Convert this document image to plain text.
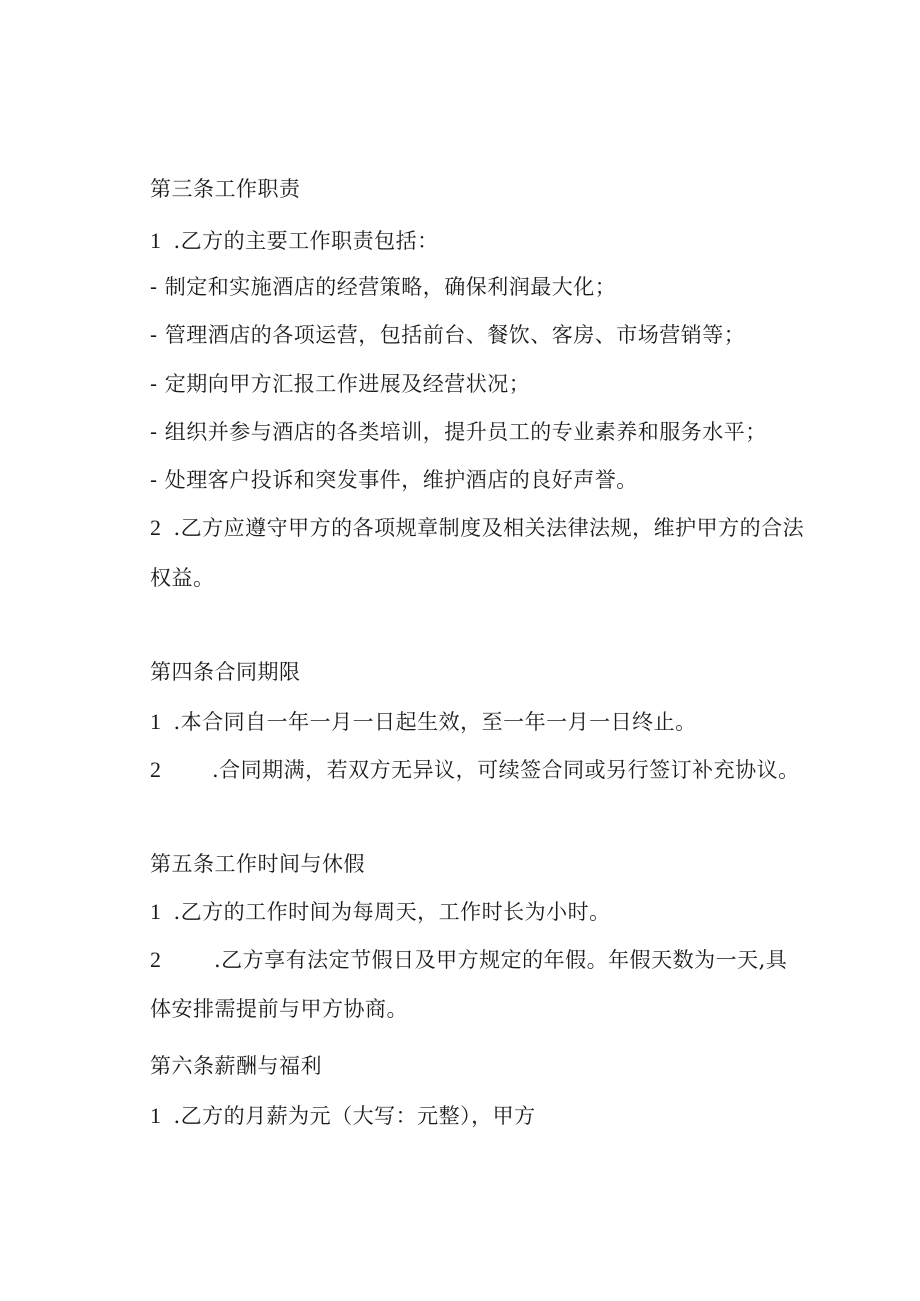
第三条工作职责
1 .乙方的主要工作职责包括：
- 制定和实施酒店的经营策略，确保利润最大化；
- 管理酒店的各项运营，包括前台、餐饮、客房、市场营销等；
- 定期向甲方汇报工作进展及经营状况；
- 组织并参与酒店的各类培训，提升员工的专业素养和服务水平；
- 处理客户投诉和突发事件，维护酒店的良好声誉。
2 .乙方应遵守甲方的各项规章制度及相关法律法规，维护甲方的合法
权益。
第四条合同期限
1 .本合同自一年一月一日起生效，至一年一月一日终止。
2 .合同期满，若双方无异议，可续签合同或另行签订补充协议。
第五条工作时间与休假
1 .乙方的工作时间为每周天，工作时长为小时。
2	.乙方享有法定节假日及甲方规定的年假。年假天数为一天,具
体安排需提前与甲方协商。
第六条薪酬与福利
1 .乙方的月薪为元（大写：元整），甲方
